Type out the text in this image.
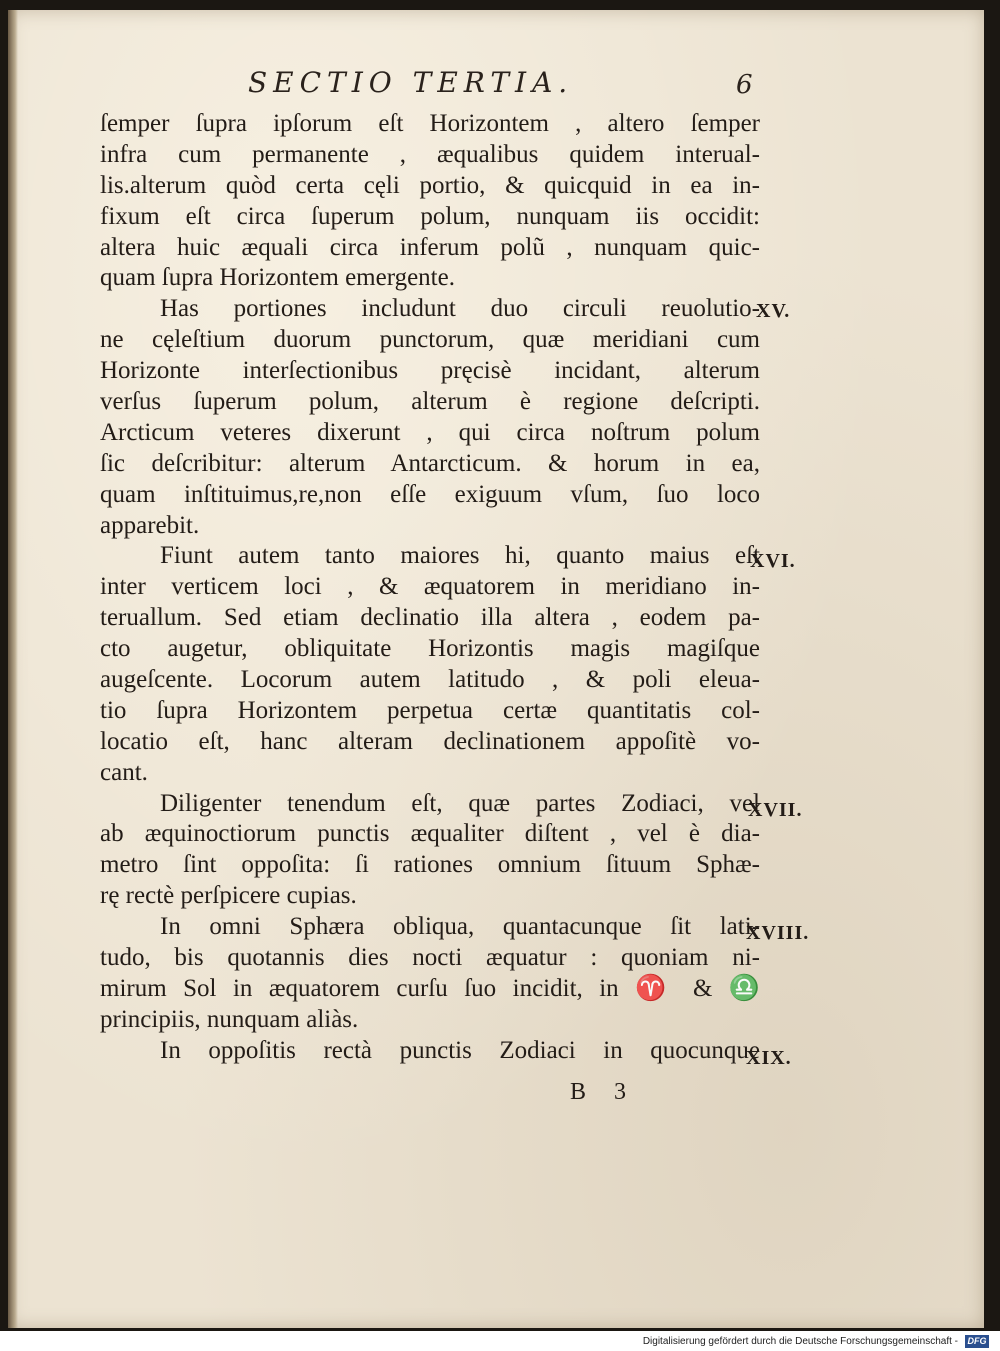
SECTIO TERTIA.	6
ſemper ſupra ipſorum eſt Horizontem , altero ſemper
infra cum permanente , æqualibus quidem interual-
lis.alterum quòd certa cęli portio, & quicquid in ea in-
fixum eſt circa ſuperum polum, nunquam iis occidit:
altera huic æquali circa inferum polũ , nunquam quic-
quam ſupra Horizontem emergente.
Has portiones includunt duo circuli reuolutio-
ne cęleſtium duorum punctorum, quæ meridiani cum
Horizonte interſectionibus pręcisè incidant, alterum
verſus ſuperum polum, alterum è regione deſcripti.
Arcticum veteres dixerunt , qui circa noſtrum polum
ſic deſcribitur: alterum Antarcticum. & horum in ea,
quam inſtituimus,re,non eſſe exiguum vſum, ſuo loco
apparebit.
Fiunt autem tanto maiores hi, quanto maius eſt
inter verticem loci , & æquatorem in meridiano in-
teruallum. Sed etiam declinatio illa altera , eodem pa-
cto augetur, obliquitate Horizontis magis magiſque
augeſcente. Locorum autem latitudo , & poli eleua-
tio ſupra Horizontem perpetua certæ quantitatis col-
locatio eſt, hanc alteram declinationem appoſitè vo-
cant.
Diligenter tenendum eſt, quæ partes Zodiaci, vel
ab æquinoctiorum punctis æqualiter diſtent , vel è dia-
metro ſint oppoſita: ſi rationes omnium ſituum Sphæ-
rę rectè perſpicere cupias.
In omni Sphæra obliqua, quantacunque ſit lati-
tudo, bis quotannis dies nocti æquatur : quoniam ni-
mirum Sol in æquatorem curſu ſuo incidit, in ♈ & ♎
principiis, nunquam aliàs.
In oppoſitis rectà punctis Zodiaci in quocunque
XV.
XVI.
XVII.
XVIII.
XIX.
B 3
Digitalisierung gefördert durch die Deutsche Forschungsgemeinschaft - DFG
